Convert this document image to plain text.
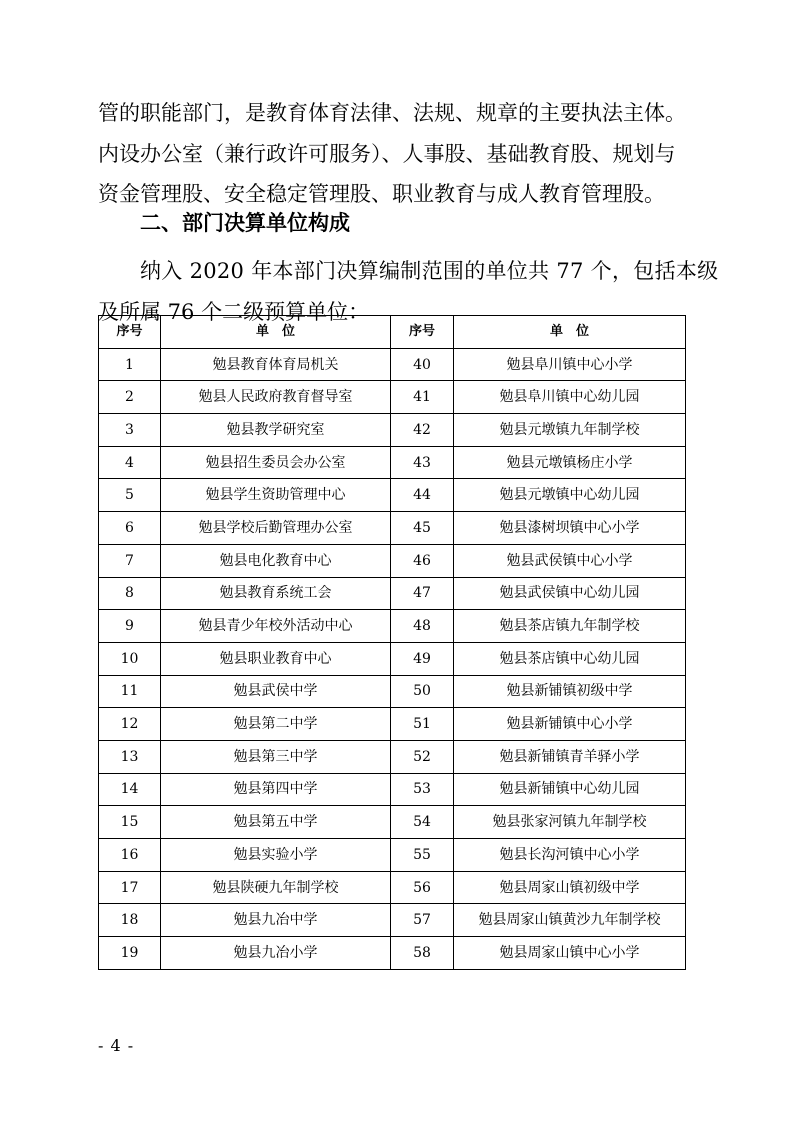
管的职能部门，是教育体育法律、法规、规章的主要执法主体。
内设办公室（兼行政许可服务）、人事股、基础教育股、规划与
资金管理股、安全稳定管理股、职业教育与成人教育管理股。
二、部门决算单位构成
纳入 2020 年本部门决算编制范围的单位共 77 个，包括本级
及所属 76 个二级预算单位：
序号	单　位	序号	单　位
1	勉县教育体育局机关	40	勉县阜川镇中心小学
2	勉县人民政府教育督导室	41	勉县阜川镇中心幼儿园
3	勉县教学研究室	42	勉县元墩镇九年制学校
4	勉县招生委员会办公室	43	勉县元墩镇杨庄小学
5	勉县学生资助管理中心	44	勉县元墩镇中心幼儿园
6	勉县学校后勤管理办公室	45	勉县漆树坝镇中心小学
7	勉县电化教育中心	46	勉县武侯镇中心小学
8	勉县教育系统工会	47	勉县武侯镇中心幼儿园
9	勉县青少年校外活动中心	48	勉县茶店镇九年制学校
10	勉县职业教育中心	49	勉县茶店镇中心幼儿园
11	勉县武侯中学	50	勉县新铺镇初级中学
12	勉县第二中学	51	勉县新铺镇中心小学
13	勉县第三中学	52	勉县新铺镇青羊驿小学
14	勉县第四中学	53	勉县新铺镇中心幼儿园
15	勉县第五中学	54	勉县张家河镇九年制学校
16	勉县实验小学	55	勉县长沟河镇中心小学
17	勉县陕硬九年制学校	56	勉县周家山镇初级中学
18	勉县九冶中学	57	勉县周家山镇黄沙九年制学校
19	勉县九冶小学	58	勉县周家山镇中心小学
- 4 -
